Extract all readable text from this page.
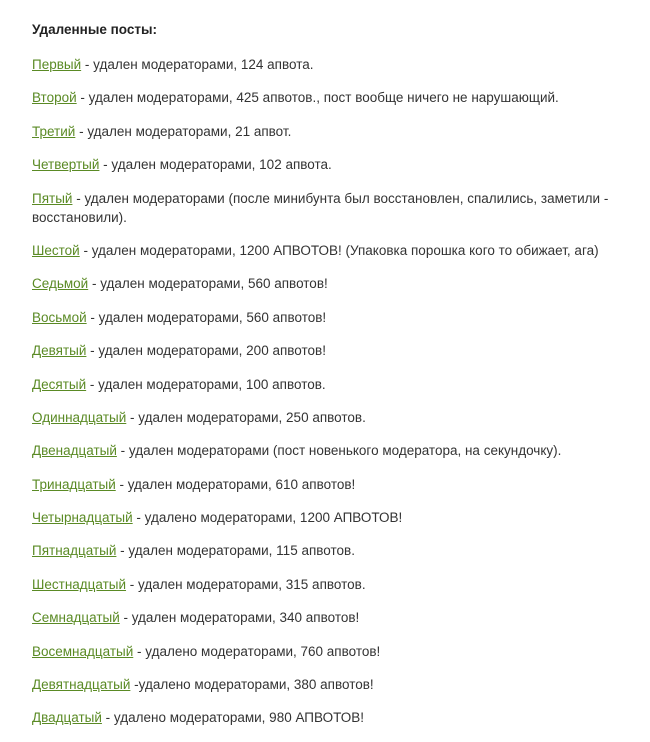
Удаленные посты:
Первый - удален модераторами, 124 апвота.
Второй - удален модераторами, 425 апвотов., пост вообще ничего не нарушающий.
Третий - удален модераторами, 21 апвот.
Четвертый - удален модераторами, 102 апвота.
Пятый - удален модераторами (после минибунта был восстановлен, спалились, заметили - восстановили).
Шестой - удален модераторами, 1200 АПВОТОВ! (Упаковка порошка кого то обижает, ага)
Седьмой - удален модераторами, 560 апвотов!
Восьмой - удален модераторами, 560 апвотов!
Девятый - удален модераторами, 200 апвотов!
Десятый - удален модераторами, 100 апвотов.
Одиннадцатый - удален модераторами, 250 апвотов.
Двенадцатый - удален модераторами (пост новенького модератора, на секундочку).
Тринадцатый - удален модераторами, 610 апвотов!
Четырнадцатый - удалено модераторами, 1200 АПВОТОВ!
Пятнадцатый - удален модераторами, 115 апвотов.
Шестнадцатый - удален модераторами, 315 апвотов.
Семнадцатый - удален модераторами, 340 апвотов!
Восемнадцатый - удалено модераторами, 760 апвотов!
Девятнадцатый -удалено модераторами, 380 апвотов!
Двадцатый - удалено модераторами, 980 АПВОТОВ!
